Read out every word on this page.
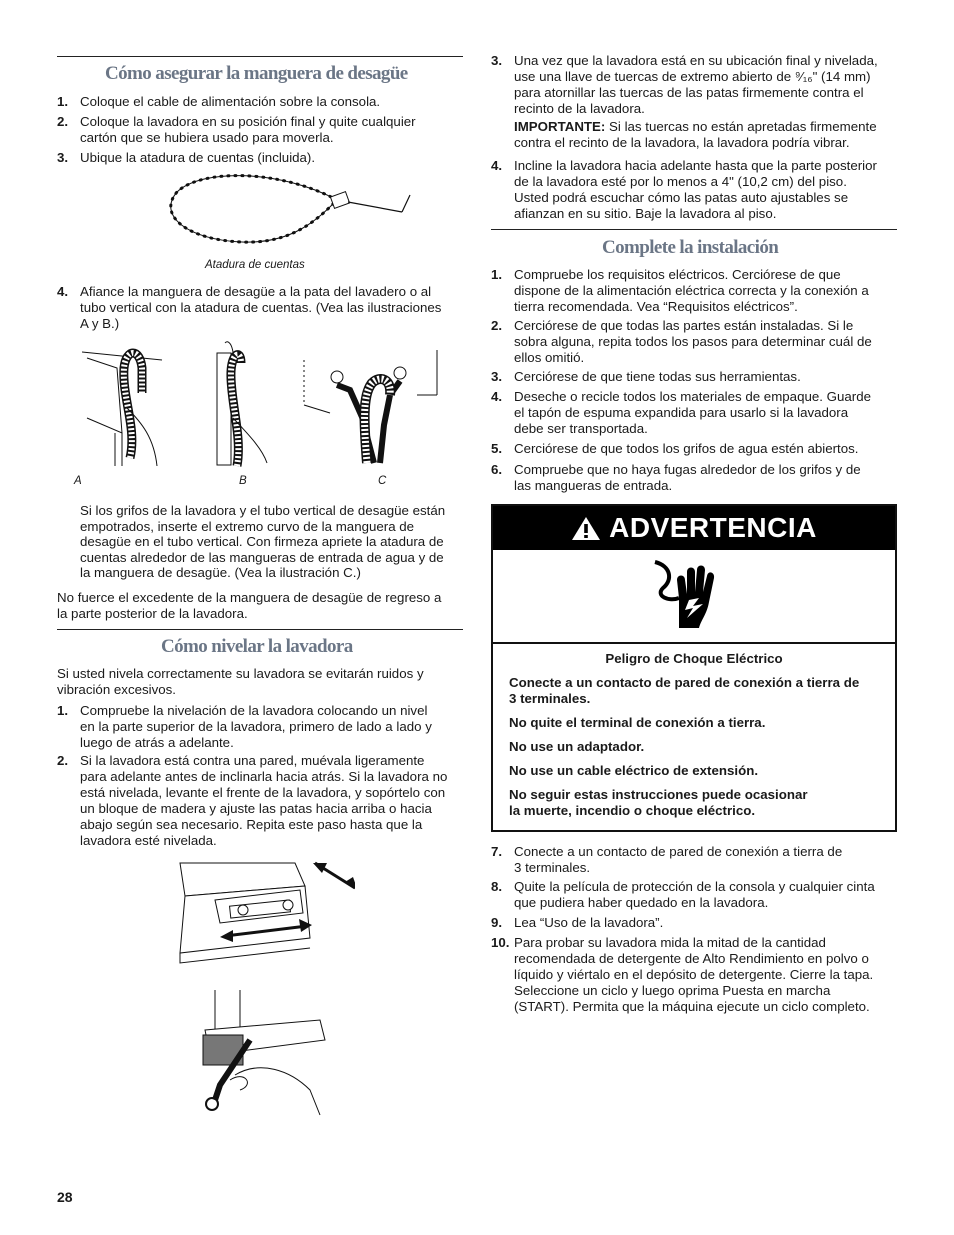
Cómo asegurar la manguera de desagüe
1. Coloque el cable de alimentación sobre la consola.
2. Coloque la lavadora en su posición final y quite cualquier
cartón que se hubiera usado para moverla.
3. Ubique la atadura de cuentas (incluida).
Atadura de cuentas
4. Afiance la manguera de desagüe a la pata del lavadero o al
tubo vertical con la atadura de cuentas. (Vea las ilustraciones
A y B.)
A	B	C
Si los grifos de la lavadora y el tubo vertical de desagüe están
empotrados, inserte el extremo curvo de la manguera de
desagüe en el tubo vertical. Con firmeza apriete la atadura de
cuentas alrededor de las mangueras de entrada de agua y de
la manguera de desagüe. (Vea la ilustración C.)
No fuerce el excedente de la manguera de desagüe de regreso a
la parte posterior de la lavadora.
Cómo nivelar la lavadora
Si usted nivela correctamente su lavadora se evitarán ruidos y
vibración excesivos.
1. Compruebe la nivelación de la lavadora colocando un nivel
en la parte superior de la lavadora, primero de lado a lado y
luego de atrás a adelante.
2. Si la lavadora está contra una pared, muévala ligeramente
para adelante antes de inclinarla hacia atrás. Si la lavadora no
está nivelada, levante el frente de la lavadora, y sopórtelo con
un bloque de madera y ajuste las patas hacia arriba o hacia
abajo según sea necesario. Repita este paso hasta que la
lavadora esté nivelada.
3. Una vez que la lavadora está en su ubicación final y nivelada,
use una llave de tuercas de extremo abierto de ⁹⁄₁₆" (14 mm)
para atornillar las tuercas de las patas firmemente contra el
recinto de la lavadora.
IMPORTANTE: Si las tuercas no están apretadas firmemente
contra el recinto de la lavadora, la lavadora podría vibrar.
4. Incline la lavadora hacia adelante hasta que la parte posterior
de la lavadora esté por lo menos a 4" (10,2 cm) del piso.
Usted podrá escuchar cómo las patas auto ajustables se
afianzan en su sitio. Baje la lavadora al piso.
Complete la instalación
1. Compruebe los requisitos eléctricos. Cerciórese de que
dispone de la alimentación eléctrica correcta y la conexión a
tierra recomendada. Vea “Requisitos eléctricos”.
2. Cerciórese de que todas las partes están instaladas. Si le
sobra alguna, repita todos los pasos para determinar cuál de
ellos omitió.
3. Cerciórese de que tiene todas sus herramientas.
4. Deseche o recicle todos los materiales de empaque. Guarde
el tapón de espuma expandida para usarlo si la lavadora
debe ser transportada.
5. Cerciórese de que todos los grifos de agua estén abiertos.
6. Compruebe que no haya fugas alrededor de los grifos y de
las mangueras de entrada.
ADVERTENCIA
Peligro de Choque Eléctrico
Conecte a un contacto de pared de conexión a tierra de
3 terminales.
No quite el terminal de conexión a tierra.
No use un adaptador.
No use un cable eléctrico de extensión.
No seguir estas instrucciones puede ocasionar
la muerte, incendio o choque eléctrico.
7. Conecte a un contacto de pared de conexión a tierra de
3 terminales.
8. Quite la película de protección de la consola y cualquier cinta
que pudiera haber quedado en la lavadora.
9. Lea “Uso de la lavadora”.
10. Para probar su lavadora mida la mitad de la cantidad
recomendada de detergente de Alto Rendimiento en polvo o
líquido y viértalo en el depósito de detergente. Cierre la tapa.
Seleccione un ciclo y luego oprima Puesta en marcha
(START). Permita que la máquina ejecute un ciclo completo.
28
